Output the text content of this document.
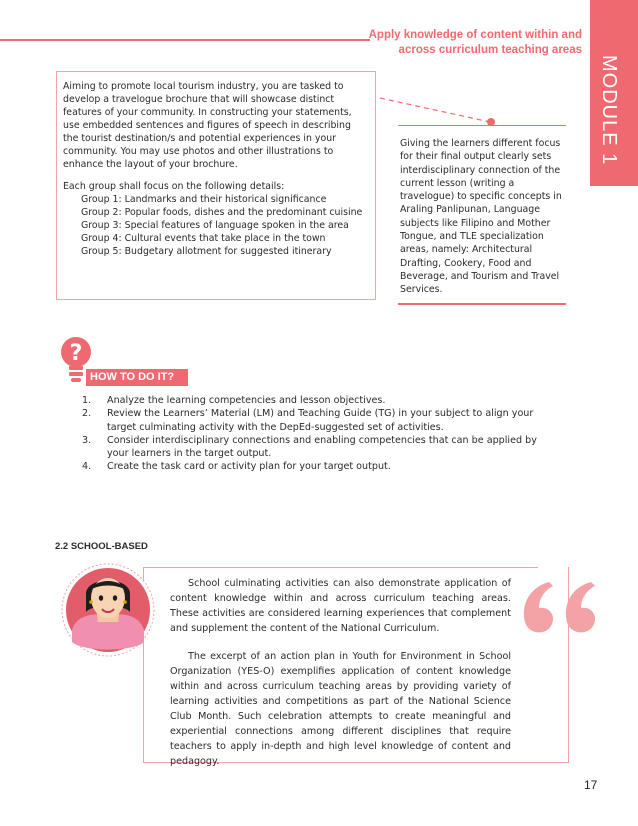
Apply knowledge of content within and
across curriculum teaching areas
MODULE 1

Aiming to promote local tourism industry, you are tasked to develop a travelogue brochure that will showcase distinct features of your community. In constructing your statements, use embedded sentences and figures of speech in describing the tourist destination/s and potential experiences in your community. You may use photos and other illustrations to enhance the layout of your brochure.

Each group shall focus on the following details:

Group 1: Landmarks and their historical significance

Group 2: Popular foods, dishes and the predominant cuisine

Group 3: Special features of language spoken in the area

Group 4: Cultural events that take place in the town

Group 5: Budgetary allotment for suggested itinerary

Giving the learners different focus for their final output clearly sets interdisciplinary connection of the current lesson (writing a travelogue) to specific concepts in Araling Panlipunan, Language subjects like Filipino and Mother Tongue, and TLE specialization areas, namely: Architectural Drafting, Cookery, Food and Beverage, and Tourism and Travel Services.
?
HOW TO DO IT?
1. Analyze the learning competencies and lesson objectives.
2. Review the Learners’ Material (LM) and Teaching Guide (TG) in your subject to align your target culminating activity with the DepEd-suggested set of activities.
3. Consider interdisciplinary connections and enabling competencies that can be applied by your learners in the target output.
4. Create the task card or activity plan for your target output.
2.2 SCHOOL-BASED

School culminating activities can also demonstrate application of content knowledge within and across curriculum teaching areas. These activities are considered learning experiences that complement and supplement the content of the National Curriculum.

The excerpt of an action plan in Youth for Environment in School Organization (YES-O) exemplifies application of content knowledge within and across curriculum teaching areas by providing variety of learning activities and competitions as part of the National Science Club Month. Such celebration attempts to create meaningful and experiential connections among different disciplines that require teachers to apply in-depth and high level knowledge of content and pedagogy.

17
